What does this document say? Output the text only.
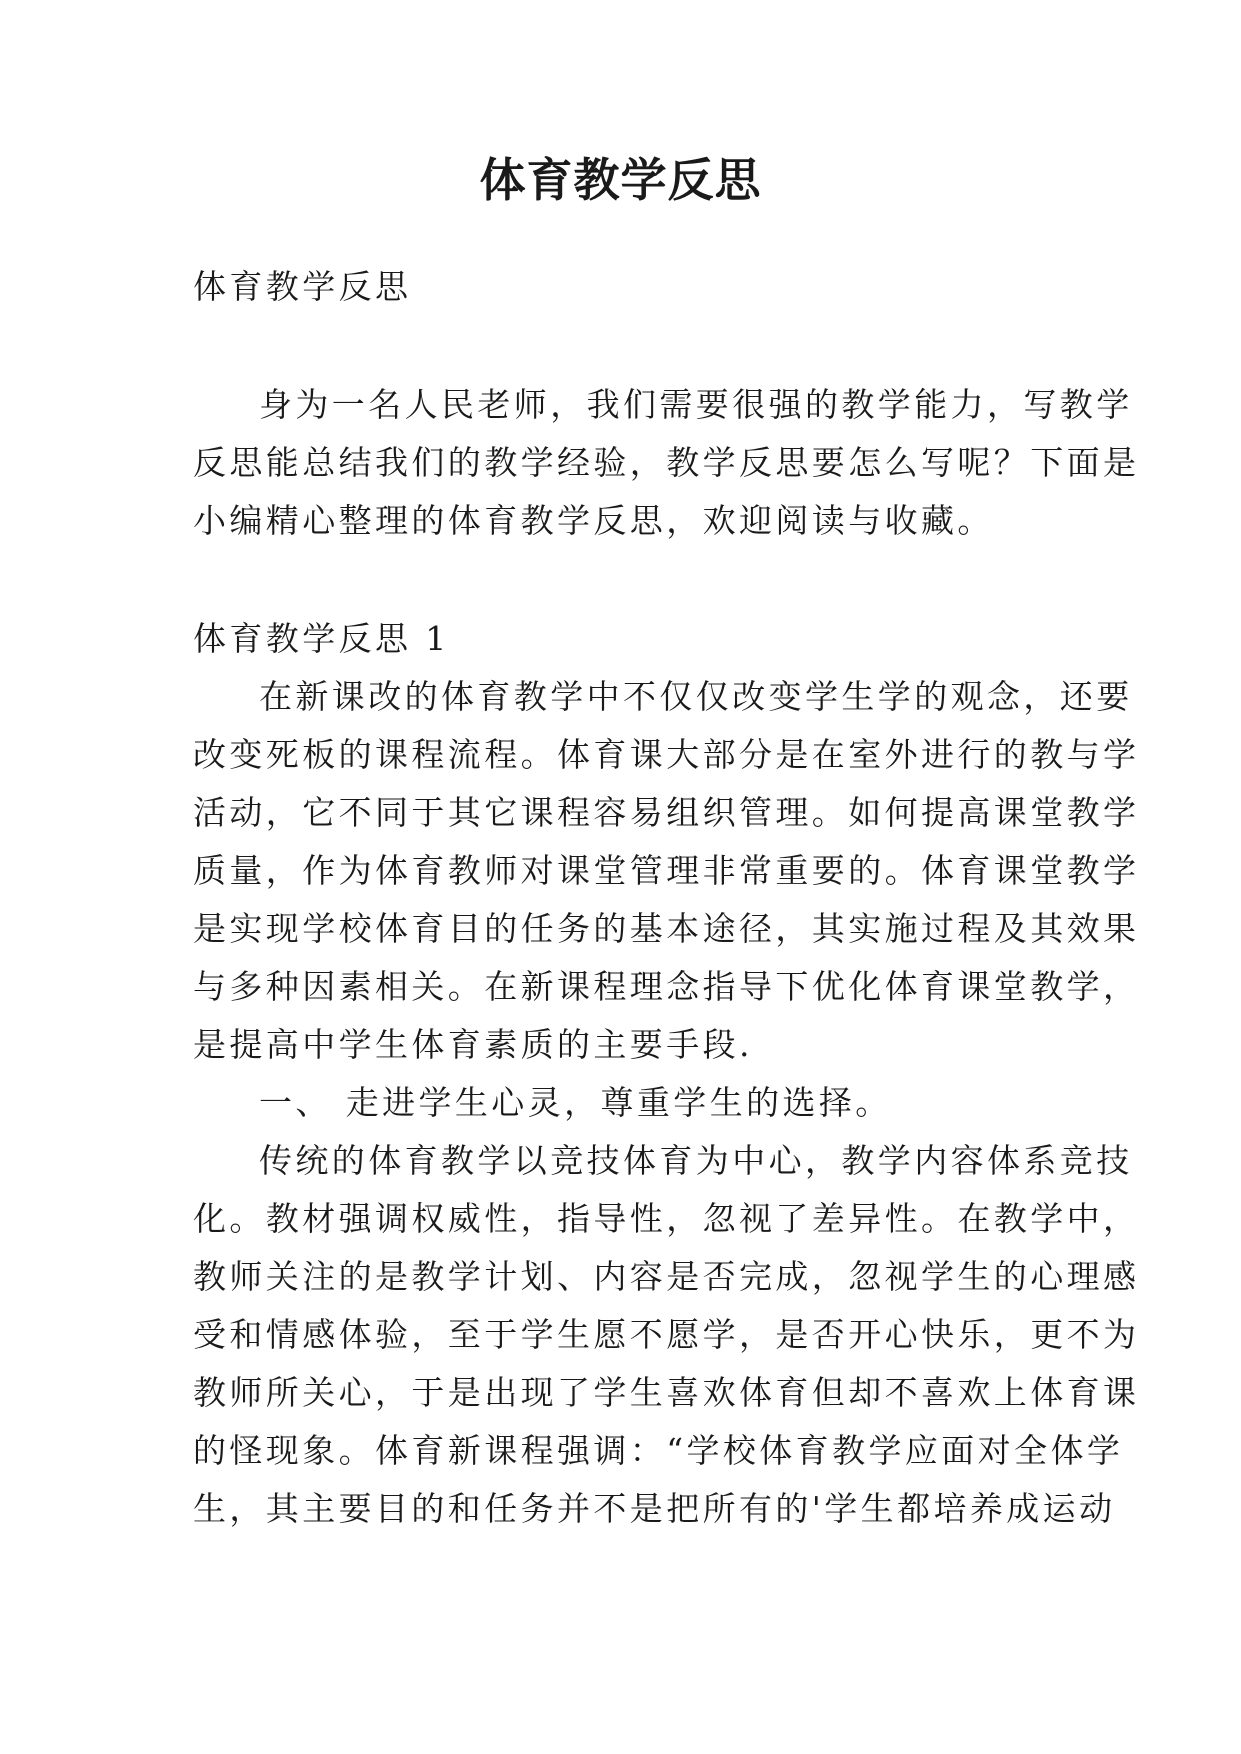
体育教学反思
体育教学反思
身为一名人民老师，我们需要很强的教学能力，写教学
反思能总结我们的教学经验，教学反思要怎么写呢？下面是
小编精心整理的体育教学反思，欢迎阅读与收藏。
体育教学反思 1
在新课改的体育教学中不仅仅改变学生学的观念，还要
改变死板的课程流程。体育课大部分是在室外进行的教与学
活动，它不同于其它课程容易组织管理。如何提高课堂教学
质量，作为体育教师对课堂管理非常重要的。体育课堂教学
是实现学校体育目的任务的基本途径，其实施过程及其效果
与多种因素相关。在新课程理念指导下优化体育课堂教学，
是提高中学生体育素质的主要手段.
一、 走进学生心灵，尊重学生的选择。
传统的体育教学以竞技体育为中心，教学内容体系竞技
化。教材强调权威性，指导性，忽视了差异性。在教学中，
教师关注的是教学计划、内容是否完成，忽视学生的心理感
受和情感体验，至于学生愿不愿学，是否开心快乐，更不为
教师所关心，于是出现了学生喜欢体育但却不喜欢上体育课
的怪现象。体育新课程强调：“学校体育教学应面对全体学
生，其主要目的和任务并不是把所有的'学生都培养成运动
